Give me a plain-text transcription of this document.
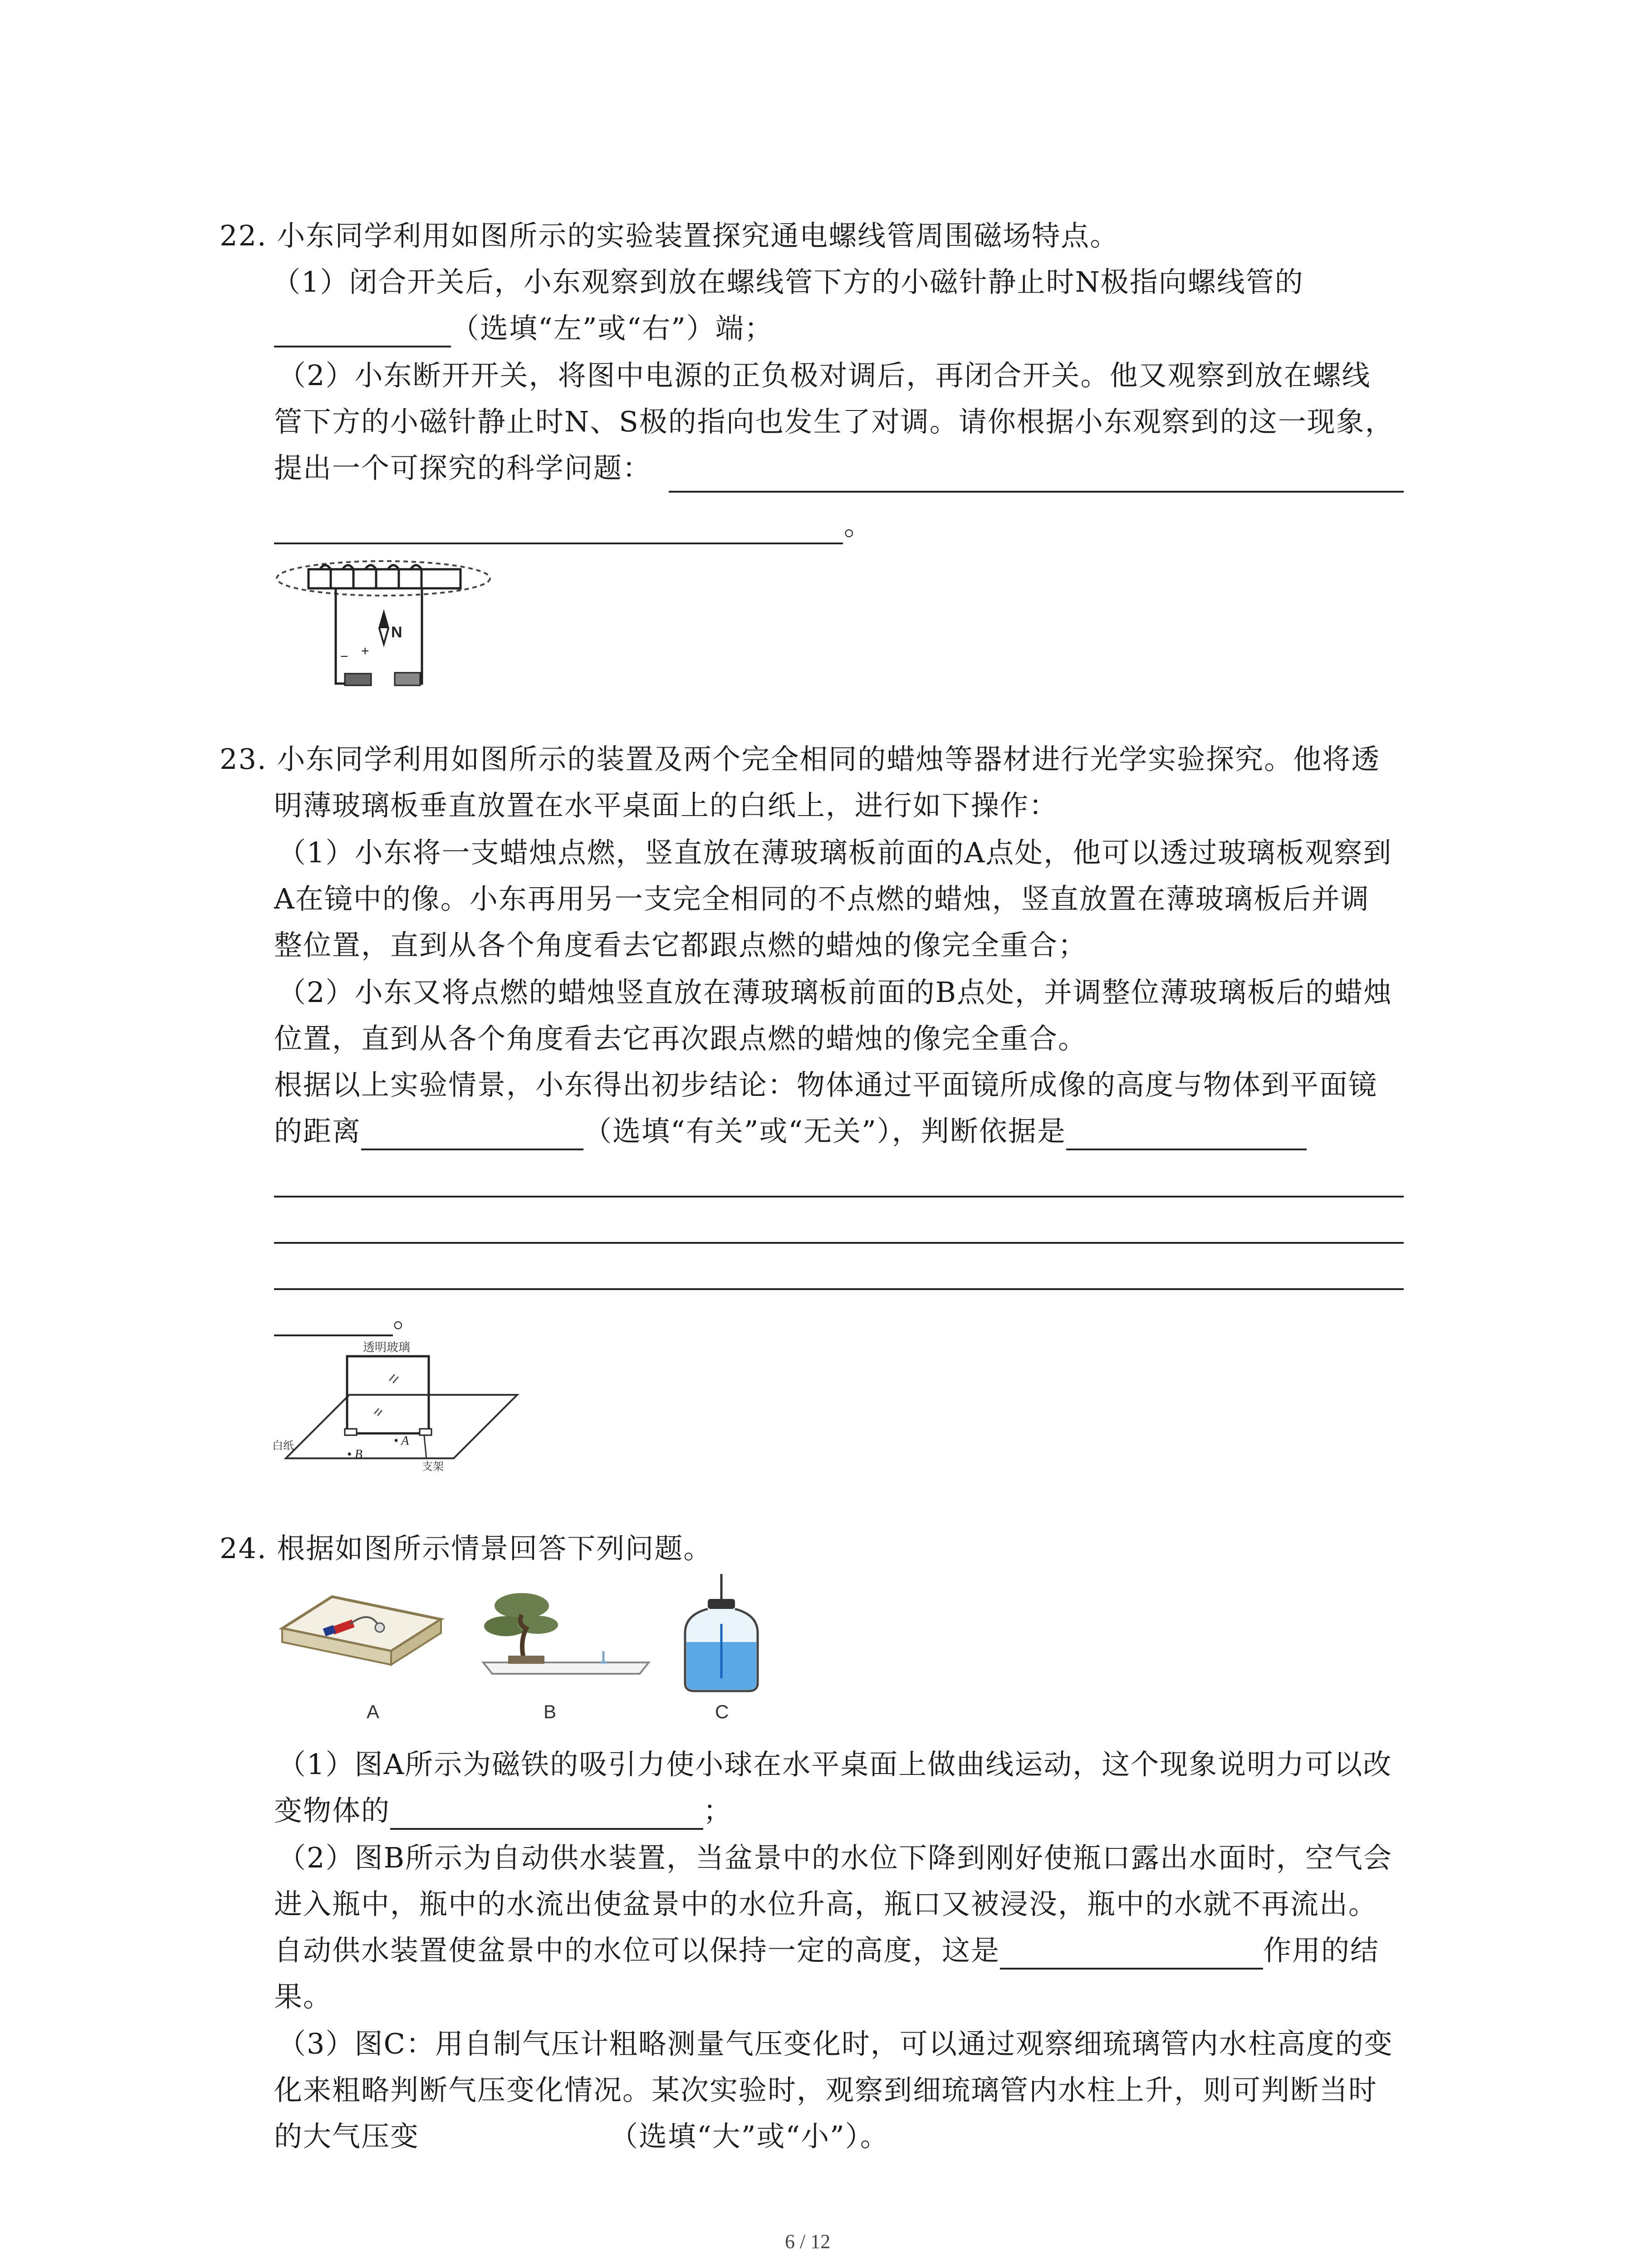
22. 小东同学利用如图所示的实验装置探究通电螺线管周围磁场特点。
（1）闭合开关后，小东观察到放在螺线管下方的小磁针静止时N极指向螺线管的
（选填“左”或“右”）端；
（2）小东断开开关，将图中电源的正负极对调后，再闭合开关。他又观察到放在螺线
管下方的小磁针静止时N、S极的指向也发生了对调。请你根据小东观察到的这一现象，
提出一个可探究的科学问题：
。
N
− +
23. 小东同学利用如图所示的装置及两个完全相同的蜡烛等器材进行光学实验探究。他将透
明薄玻璃板垂直放置在水平桌面上的白纸上，进行如下操作：
（1）小东将一支蜡烛点燃，竖直放在薄玻璃板前面的A点处，他可以透过玻璃板观察到
A在镜中的像。小东再用另一支完全相同的不点燃的蜡烛，竖直放置在薄玻璃板后并调
整位置，直到从各个角度看去它都跟点燃的蜡烛的像完全重合；
（2）小东又将点燃的蜡烛竖直放在薄玻璃板前面的B点处，并调整位薄玻璃板后的蜡烛
位置，直到从各个角度看去它再次跟点燃的蜡烛的像完全重合。
根据以上实验情景，小东得出初步结论：物体通过平面镜所成像的高度与物体到平面镜
的距离	（选填“有关”或“无关”），判断依据是
。
透明玻璃
白纸
• B
• A
支架
24. 根据如图所示情景回答下列问题。
A	B	C
（1）图A所示为磁铁的吸引力使小球在水平桌面上做曲线运动，这个现象说明力可以改
变物体的	；
（2）图B所示为自动供水装置，当盆景中的水位下降到刚好使瓶口露出水面时，空气会
进入瓶中，瓶中的水流出使盆景中的水位升高，瓶口又被浸没，瓶中的水就不再流出。
自动供水装置使盆景中的水位可以保持一定的高度，这是	作用的结
果。
（3）图C：用自制气压计粗略测量气压变化时，可以通过观察细琉璃管内水柱高度的变
化来粗略判断气压变化情况。某次实验时，观察到细琉璃管内水柱上升，则可判断当时
的大气压变	（选填“大”或“小”）。
6 / 12
